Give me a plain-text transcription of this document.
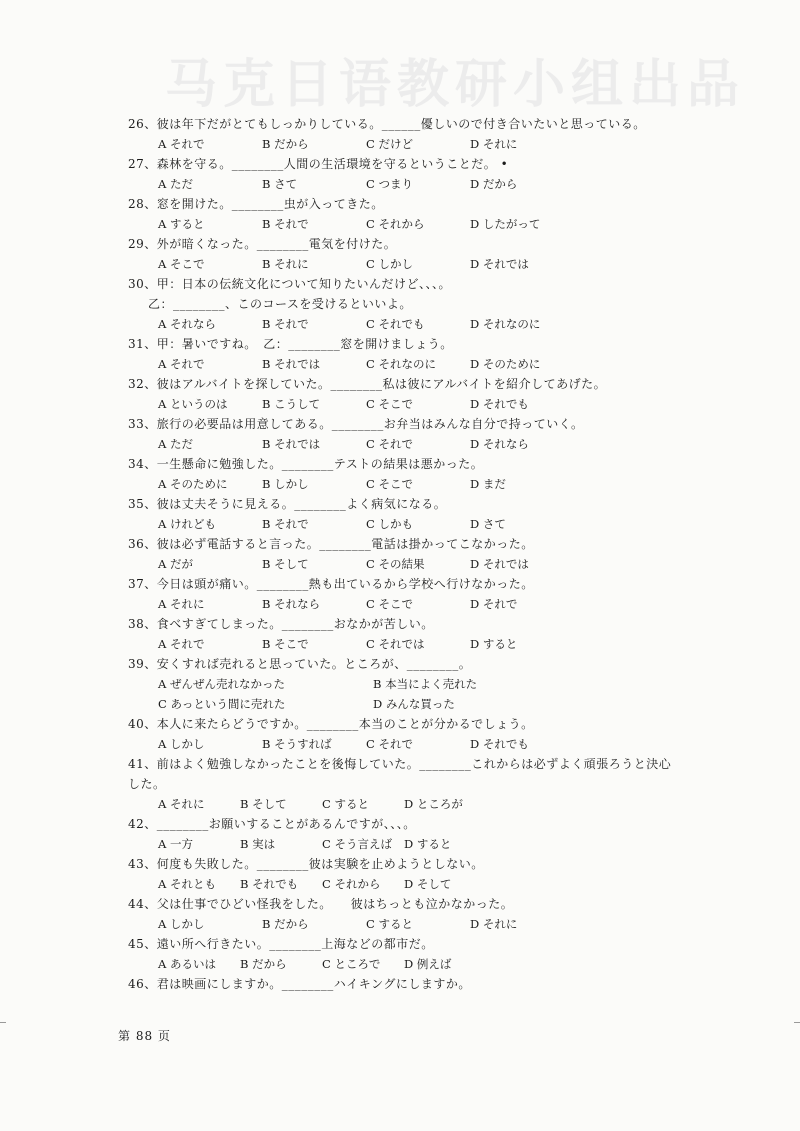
马克日语教研小组出品
26、彼は年下だがとてもしっかりしている。______優しいので付き合いたいと思っている。
A それで	B だから	C だけど	D それに
27、森林を守る。________人間の生活環境を守るということだ。 •
A ただ	B さて	C つまり	D だから
28、窓を開けた。________虫が入ってきた。
A すると	B それで	C それから	D したがって
29、外が暗くなった。________電気を付けた。
A そこで	B それに	C しかし	D それでは
30、甲：日本の伝統文化について知りたいんだけど、、、。
乙：________、このコースを受けるといいよ。
A それなら	B それで	C それでも	D それなのに
31、甲：暑いですね。　乙：________窓を開けましょう。
A それで	B それでは	C それなのに	D そのために
32、彼はアルバイトを探していた。________私は彼にアルバイトを紹介してあげた。
A というのは	B こうして	C そこで	D それでも
33、旅行の必要品は用意してある。________お弁当はみんな自分で持っていく。
A ただ	B それでは	C それで	D それなら
34、一生懸命に勉強した。________テストの結果は悪かった。
A そのために	B しかし	C そこで	D まだ
35、彼は丈夫そうに見える。________よく病気になる。
A けれども	B それで	C しかも	D さて
36、彼は必ず電話すると言った。________電話は掛かってこなかった。
A だが	B そして	C その結果	D それでは
37、今日は頭が痛い。________熱も出ているから学校へ行けなかった。
A それに	B それなら	C そこで	D それで
38、食べすぎてしまった。________おなかが苦しい。
A それで	B そこで	C それでは	D すると
39、安くすれば売れると思っていた。ところが、________。
A ぜんぜん売れなかった	B 本当によく売れた
C あっという間に売れた	D みんな買った
40、本人に来たらどうですか。________本当のことが分かるでしょう。
A しかし	B そうすれば	C それで	D それでも
41、前はよく勉強しなかったことを後悔していた。________これからは必ずよく頑張ろうと決心した。
A それに	B そして	C すると	D ところが
42、________お願いすることがあるんですが、、、。
A 一方	B 実は	C そう言えば D すると
43、何度も失敗した。________彼は実験を止めようとしない。
A それとも B それでも C それから D そして
44、父は仕事でひどい怪我をした。　　彼はちっとも泣かなかった。
A しかし	B だから	C すると	D それに
45、遠い所へ行きたい。________上海などの都市だ。
A あるいは B だから	C ところで D 例えば
46、君は映画にしますか。________ハイキングにしますか。
第 88 页
